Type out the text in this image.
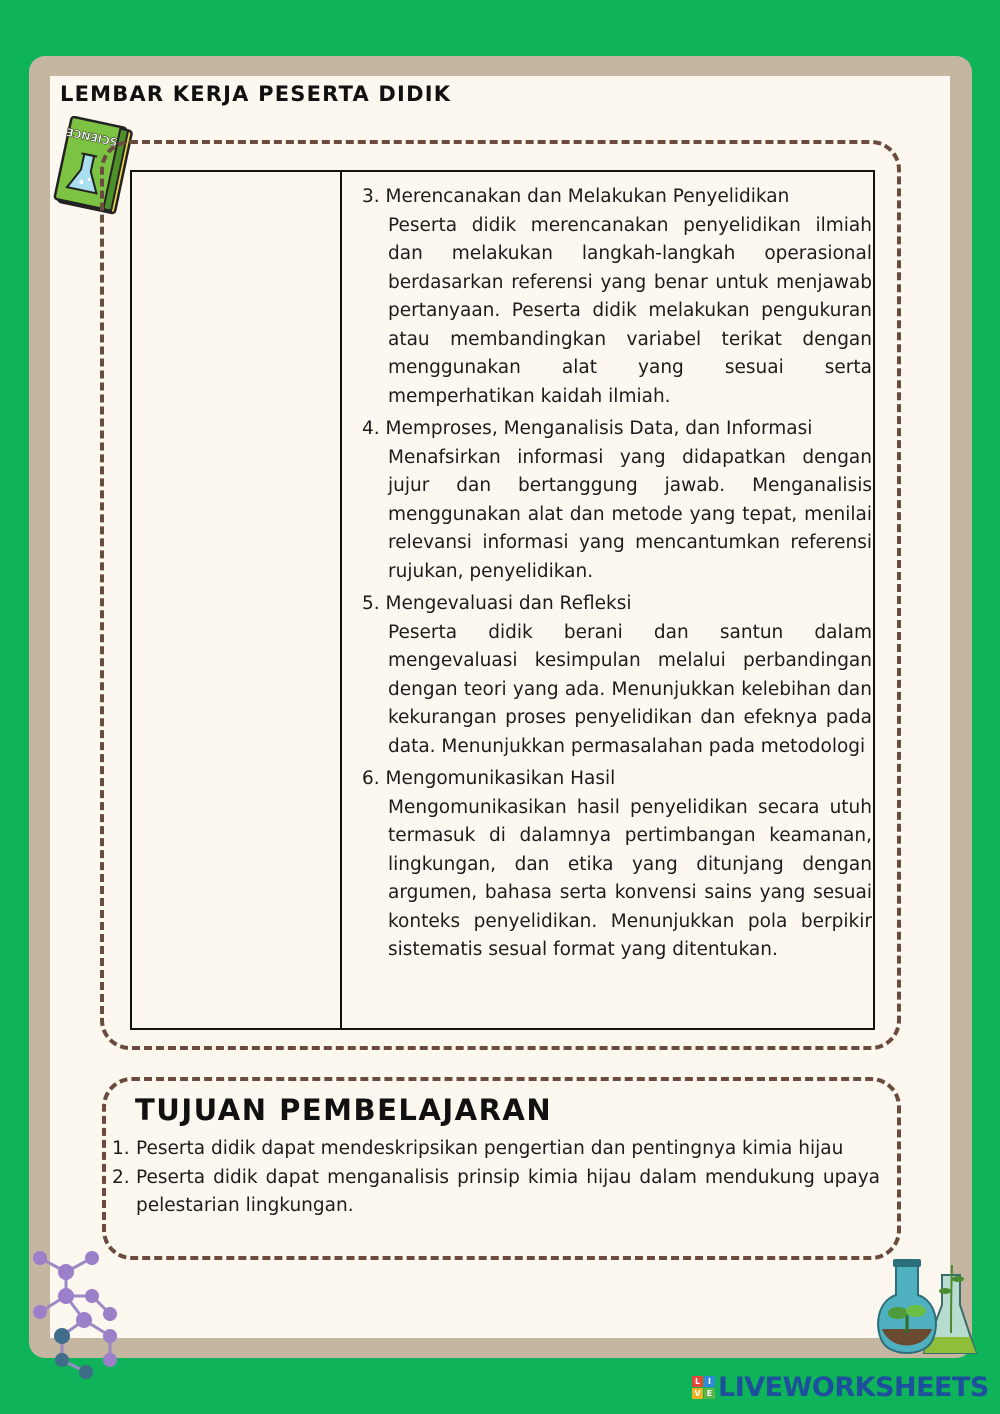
LEMBAR KERJA PESERTA DIDIK
SCIENCE
3. Merencanakan dan Melakukan Penyelidikan
Peserta didik merencanakan penyelidikan ilmiah dan melakukan langkah-langkah operasional berdasarkan referensi yang benar untuk menjawab pertanyaan. Peserta didik melakukan pengukuran atau membandingkan variabel terikat dengan menggunakan alat yang sesuai serta memperhatikan kaidah ilmiah.
4. Memproses, Menganalisis Data, dan Informasi
Menafsirkan informasi yang didapatkan dengan jujur dan bertanggung jawab. Menganalisis menggunakan alat dan metode yang tepat, menilai relevansi informasi yang mencantumkan referensi rujukan, penyelidikan.
5. Mengevaluasi dan Refleksi
Peserta didik berani dan santun dalam mengevaluasi kesimpulan melalui perbandingan dengan teori yang ada. Menunjukkan kelebihan dan kekurangan proses penyelidikan dan efeknya pada data. Menunjukkan permasalahan pada metodologi
6. Mengomunikasikan Hasil
Mengomunikasikan hasil penyelidikan secara utuh termasuk di dalamnya pertimbangan keamanan, lingkungan, dan etika yang ditunjang dengan argumen, bahasa serta konvensi sains yang sesuai konteks penyelidikan. Menunjukkan pola berpikir sistematis sesual format yang ditentukan.
TUJUAN PEMBELAJARAN
1. Peserta didik dapat mendeskripsikan pengertian dan pentingnya kimia hijau
2. Peserta didik dapat menganalisis prinsip kimia hijau dalam mendukung upaya pelestarian lingkungan.
L I
V E LIVEWORKSHEETS
